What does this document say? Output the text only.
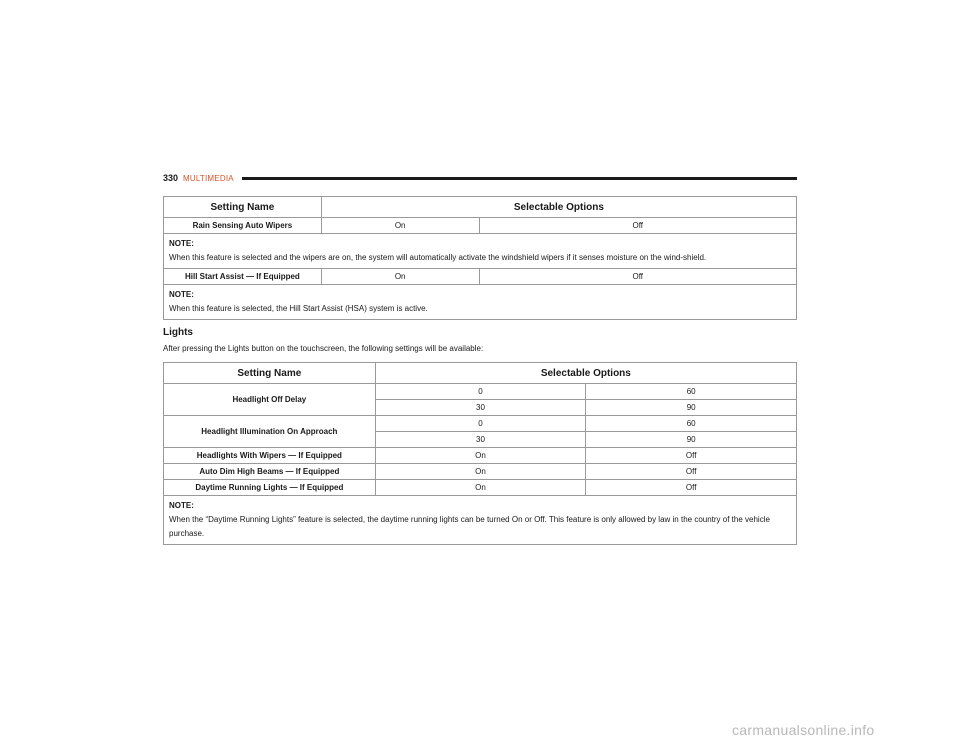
330 MULTIMEDIA
Setting Name	Selectable Options	
Rain Sensing Auto Wipers	On	Off

NOTE:
When this feature is selected and the wipers are on, the system will automatically activate the windshield wipers if it senses moisture on the wind-shield.		
Hill Start Assist — If Equipped	On	Off

NOTE:
When this feature is selected, the Hill Start Assist (HSA) system is active.		
Lights
After pressing the Lights button on the touchscreen, the following settings will be available:
Setting Name	Selectable Options	
Headlight Off Delay	0	60
	30	90
Headlight Illumination On Approach	0	60
	30	90
Headlights With Wipers — If Equipped	On	Off
Auto Dim High Beams — If Equipped	On	Off
Daytime Running Lights — If Equipped	On	Off

NOTE:
When the “Daytime Running Lights” feature is selected, the daytime running lights can be turned On or Off. This feature is only allowed by law in the country of the vehicle purchase.		
carmanualsonline.info
